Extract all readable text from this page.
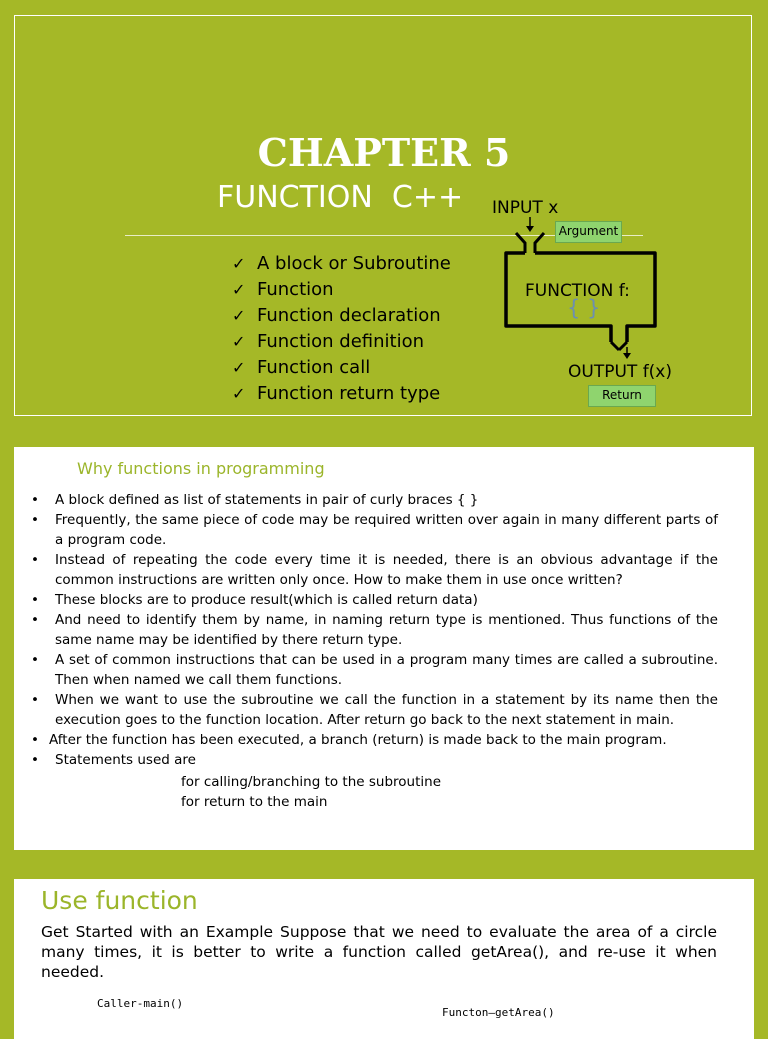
CHAPTER 5
FUNCTION  C++
✓ A block or Subroutine
✓ Function
✓ Function declaration
✓ Function definition
✓ Function call
✓ Function return type
INPUT x
FUNCTION f:
{ }
OUTPUT f(x)
Argument
Return
Why functions in programming
• A block defined as list of statements in pair of curly braces { }
• Frequently, the same piece of code may be required written over again in many different parts of a program code.
• Instead of repeating the code every time it is needed, there is an obvious advantage if the common instructions are written only once. How to make them in use once written?
• These blocks are to produce result(which is called return data)
• And need to identify them by name, in naming return type is mentioned. Thus functions of the same name may be identified by there return type.
• A set of common instructions that can be used in a program many times are called a subroutine. Then when named we call them functions.
• When we want to use the subroutine we call the function in a statement by its name then the execution goes to the function location. After return go back to the next statement in main.
• After the function has been executed, a branch (return) is made back to the main program.
• Statements used are
for calling/branching to the subroutine
for return to the main
Use function
Get Started with an Example Suppose that we need to evaluate the area of a circle many times, it is better to write a function called getArea(), and re-use it when needed.
Caller-main()
Functon—getArea()
